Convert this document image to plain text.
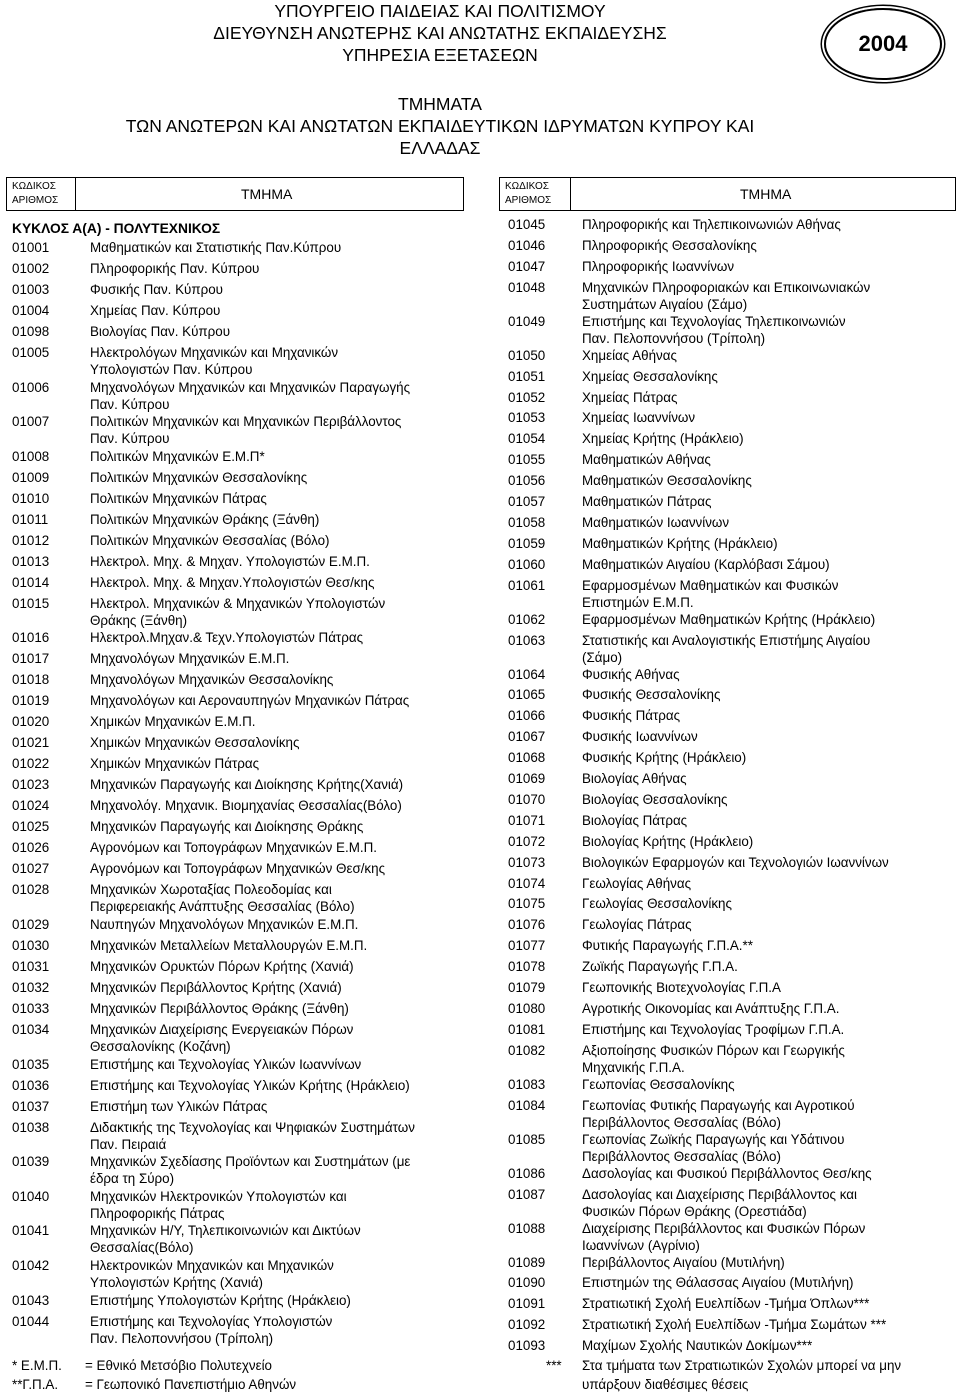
ΥΠΟΥΡΓΕΙΟ ΠΑΙΔΕΙΑΣ ΚΑΙ ΠΟΛΙΤΙΣΜΟΥ
ΔΙΕΥΘΥΝΣΗ ΑΝΩΤΕΡΗΣ ΚΑΙ ΑΝΩΤΑΤΗΣ ΕΚΠΑΙΔΕΥΣΗΣ
ΥΠΗΡΕΣΙΑ ΕΞΕΤΑΣΕΩΝ
ΤΜΗΜΑΤΑ
ΤΩΝ ΑΝΩΤΕΡΩΝ ΚΑΙ ΑΝΩΤΑΤΩΝ ΕΚΠΑΙΔΕΥΤΙΚΩΝ ΙΔΡΥΜΑΤΩΝ ΚΥΠΡΟΥ ΚΑΙ
ΕΛΛΑΔΑΣ
2004
ΚΩΔΙΚΟΣ
ΑΡΙΘΜΟΣ	ΤΜΗΜΑ
ΚΥΚΛΟΣ Α(Α) - ΠΟΛΥΤΕΧΝΙΚΟΣ
01001	Μαθηματικών και Στατιστικής Παν.Κύπρου
01002	Πληροφορικής Παν. Κύπρου
01003	Φυσικής Παν. Κύπρου
01004	Χημείας Παν. Κύπρου
01098	Βιολογίας Παν. Κύπρου
01005	Ηλεκτρολόγων Μηχανικών και Μηχανικών
Υπολογιστών Παν. Κύπρου
01006	Μηχανολόγων Μηχανικών και Μηχανικών Παραγωγής
Παν. Κύπρου
01007	Πολιτικών Μηχανικών και Μηχανικών Περιβάλλοντος
Παν. Κύπρου
01008	Πολιτικών Μηχανικών Ε.Μ.Π*
01009	Πολιτικών Μηχανικών Θεσσαλονίκης
01010	Πολιτικών Μηχανικών Πάτρας
01011	Πολιτικών Μηχανικών Θράκης (Ξάνθη)
01012	Πολιτικών Μηχανικών Θεσσαλίας (Βόλο)
01013	Ηλεκτρολ. Μηχ. & Μηχαν. Υπολογιστών Ε.Μ.Π.
01014	Ηλεκτρολ. Μηχ. & Μηχαν.Υπολογιστών Θεσ/κης
01015	Ηλεκτρολ. Μηχανικών & Μηχανικών Υπολογιστών
Θράκης (Ξάνθη)
01016	Ηλεκτρολ.Μηχαν.& Τεχν.Υπολογιστών Πάτρας
01017	Μηχανολόγων Μηχανικών Ε.Μ.Π.
01018	Μηχανολόγων Μηχανικών Θεσσαλονίκης
01019	Μηχανολόγων και Αεροναυπηγών Μηχανικών Πάτρας
01020	Χημικών Μηχανικών Ε.Μ.Π.
01021	Χημικών Μηχανικών Θεσσαλονίκης
01022	Χημικών Μηχανικών Πάτρας
01023	Μηχανικών Παραγωγής και Διοίκησης Κρήτης(Χανιά)
01024	Μηχανολόγ. Μηχανικ. Βιομηχανίας Θεσσαλίας(Βόλο)
01025	Μηχανικών Παραγωγής και Διοίκησης Θράκης
01026	Αγρονόμων και Τοπογράφων Μηχανικών Ε.Μ.Π.
01027	Αγρονόμων και Τοπογράφων Μηχανικών Θεσ/κης
01028	Μηχανικών Χωροταξίας Πολεοδομίας και
Περιφερειακής Ανάπτυξης Θεσσαλίας (Βόλο)
01029	Ναυπηγών Μηχανολόγων Μηχανικών Ε.Μ.Π.
01030	Μηχανικών Μεταλλείων Μεταλλουργών Ε.Μ.Π.
01031	Μηχανικών Ορυκτών Πόρων Κρήτης (Χανιά)
01032	Μηχανικών Περιβάλλοντος Κρήτης (Χανιά)
01033	Μηχανικών Περιβάλλοντος Θράκης (Ξάνθη)
01034	Μηχανικών Διαχείρισης Ενεργειακών Πόρων
Θεσσαλονίκης (Κοζάνη)
01035	Επιστήμης και Τεχνολογίας Υλικών Ιωαννίνων
01036	Επιστήμης και Τεχνολογίας Υλικών Κρήτης (Ηράκλειο)
01037	Επιστήμη των Υλικών Πάτρας
01038	Διδακτικής της Τεχνολογίας και Ψηφιακών Συστημάτων
Παν. Πειραιά
01039	Μηχανικών Σχεδίασης Προϊόντων και Συστημάτων (με
έδρα τη Σύρο)
01040	Μηχανικών Ηλεκτρονικών Υπολογιστών και
Πληροφορικής Πάτρας
01041	Μηχανικών Η/Υ, Τηλεπικοινωνιών και Δικτύων
Θεσσαλίας(Βόλο)
01042	Ηλεκτρονικών Μηχανικών και Μηχανικών
Υπολογιστών Κρήτης (Χανιά)
01043	Επιστήμης Υπολογιστών Κρήτης (Ηράκλειο)
01044	Επιστήμης και Τεχνολογίας Υπολογιστών
Παν. Πελοποννήσου (Τρίπολη)
ΚΩΔΙΚΟΣ
ΑΡΙΘΜΟΣ	ΤΜΗΜΑ
01045	Πληροφορικής και Τηλεπικοινωνιών Αθήνας
01046	Πληροφορικής Θεσσαλονίκης
01047	Πληροφορικής Ιωαννίνων
01048	Μηχανικών Πληροφοριακών και Επικοινωνιακών
Συστημάτων Αιγαίου (Σάμο)
01049	Επιστήμης και Τεχνολογίας Τηλεπικοινωνιών
Παν. Πελοποννήσου (Τρίπολη)
01050	Χημείας Αθήνας
01051	Χημείας Θεσσαλονίκης
01052	Χημείας Πάτρας
01053	Χημείας Ιωαννίνων
01054	Χημείας Κρήτης (Ηράκλειο)
01055	Μαθηματικών Αθήνας
01056	Μαθηματικών Θεσσαλονίκης
01057	Μαθηματικών Πάτρας
01058	Μαθηματικών Ιωαννίνων
01059	Μαθηματικών Κρήτης (Ηράκλειο)
01060	Μαθηματικών Αιγαίου (Καρλόβασι Σάμου)
01061	Εφαρμοσμένων Μαθηματικών και Φυσικών
Επιστημών Ε.Μ.Π.
01062	Εφαρμοσμένων Μαθηματικών Κρήτης (Ηράκλειο)
01063	Στατιστικής και Αναλογιστικής Επιστήμης Αιγαίου
(Σάμο)
01064	Φυσικής Αθήνας
01065	Φυσικής Θεσσαλονίκης
01066	Φυσικής Πάτρας
01067	Φυσικής Ιωαννίνων
01068	Φυσικής Κρήτης (Ηράκλειο)
01069	Βιολογίας Αθήνας
01070	Βιολογίας Θεσσαλονίκης
01071	Βιολογίας Πάτρας
01072	Βιολογίας Κρήτης (Ηράκλειο)
01073	Βιολογικών Εφαρμογών και Τεχνολογιών Ιωαννίνων
01074	Γεωλογίας Αθήνας
01075	Γεωλογίας Θεσσαλονίκης
01076	Γεωλογίας Πάτρας
01077	Φυτικής Παραγωγής Γ.Π.Α.**
01078	Ζωϊκής Παραγωγής Γ.Π.Α.
01079	Γεωπονικής Βιοτεχνολογίας Γ.Π.Α
01080	Αγροτικής Οικονομίας και Ανάπτυξης Γ.Π.Α.
01081	Επιστήμης και Τεχνολογίας Τροφίμων Γ.Π.Α.
01082	Αξιοποίησης Φυσικών Πόρων και Γεωργικής
Μηχανικής Γ.Π.Α.
01083	Γεωπονίας Θεσσαλονίκης
01084	Γεωπονίας Φυτικής Παραγωγής και Αγροτικού
Περιβάλλοντος Θεσσαλίας (Βόλο)
01085	Γεωπονίας Ζωϊκής Παραγωγής και Υδάτινου
Περιβάλλοντος Θεσσαλίας (Βόλο)
01086	Δασολογίας και Φυσικού Περιβάλλοντος Θεσ/κης
01087	Δασολογίας και Διαχείρισης Περιβάλλοντος και
Φυσικών Πόρων Θράκης (Ορεστιάδα)
01088	Διαχείρισης Περιβάλλοντος και Φυσικών Πόρων
Ιωαννίνων (Αγρίνιο)
01089	Περιβάλλοντος Αιγαίου (Μυτιλήνη)
01090	Επιστημών της Θάλασσας Αιγαίου (Μυτιλήνη)
01091	Στρατιωτική Σχολή Ευελπίδων -Τμήμα Όπλων***
01092	Στρατιωτική Σχολή Ευελπίδων -Τμήμα Σωμάτων ***
01093	Μαχίμων Σχολής Ναυτικών Δοκίμων***
* Ε.Μ.Π. = Εθνικό Μετσόβιο Πολυτεχνείο
**Γ.Π.Α. = Γεωπονικό Πανεπιστήμιο Αθηνών
*** Στα τμήματα των Στρατιωτικών Σχολών μπορεί να μην
υπάρξουν διαθέσιμες θέσεις
